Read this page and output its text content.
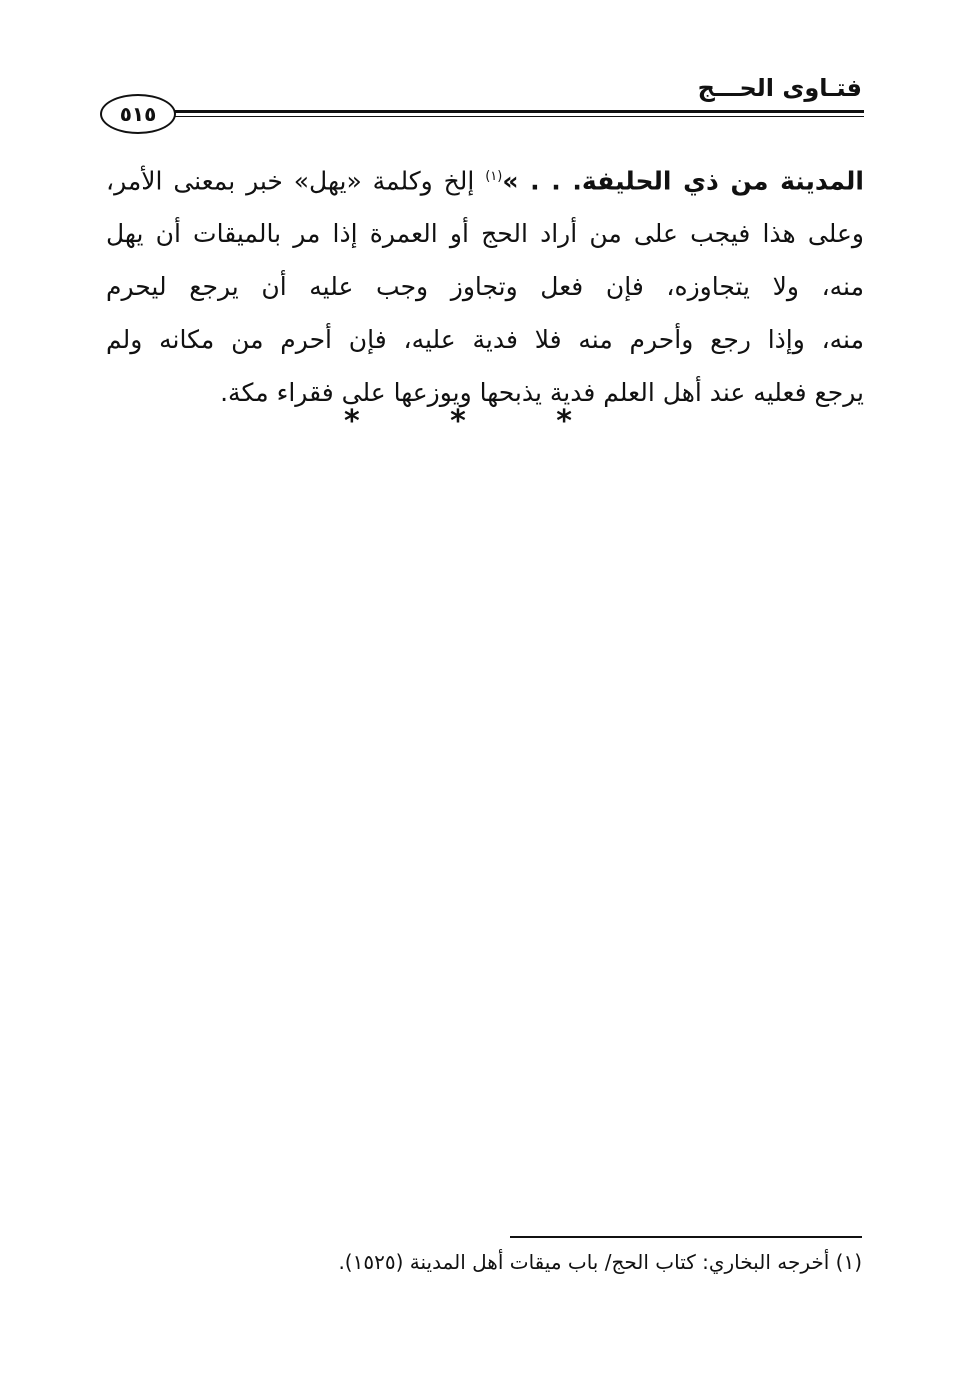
فتـاوى الحـــج
٥١٥
المدينة من ذي الحليفة. . . »$^{(١)}$ إلخ وكلمة «يهل» خبر بمعنى الأمر،
وعلى هذا فيجب على من أراد الحج أو العمرة إذا مر بالميقات أن يهل
منه، ولا يتجاوزه، فإن فعل وتجاوز وجب عليه أن يرجع ليحرم
منه، وإذا رجع وأحرم منه فلا فدية عليه، فإن أحرم من مكانه ولم
يرجع فعليه عند أهل العلم فدية يذبحها ويوزعها على فقراء مكة.
* * *
(١) أخرجه البخاري: كتاب الحج/ باب ميقات أهل المدينة (١٥٢٥).
